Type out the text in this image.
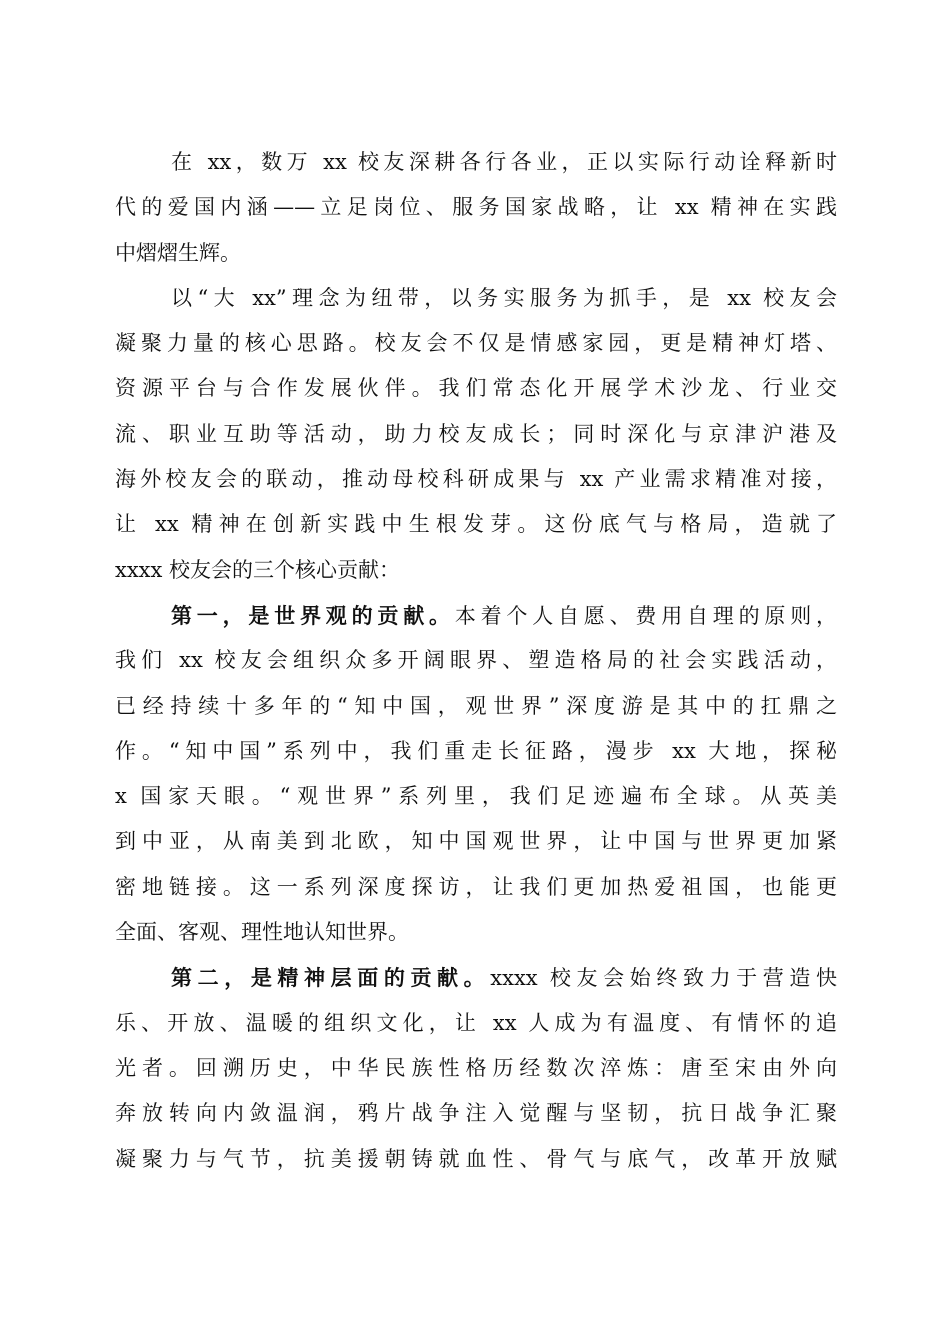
在 xx，数万 xx 校友深耕各行各业，正以实际行动诠释新时
代的爱国内涵——立足岗位、服务国家战略，让 xx 精神在实践
中熠熠生辉。
以“大 xx”理念为纽带，以务实服务为抓手，是 xx 校友会
凝聚力量的核心思路。校友会不仅是情感家园，更是精神灯塔、
资源平台与合作发展伙伴。我们常态化开展学术沙龙、行业交
流、职业互助等活动，助力校友成长；同时深化与京津沪港及
海外校友会的联动，推动母校科研成果与 xx 产业需求精准对接，
让 xx 精神在创新实践中生根发芽。这份底气与格局，造就了
xxxx 校友会的三个核心贡献：
第一，是世界观的贡献。本着个人自愿、费用自理的原则，
我们 xx 校友会组织众多开阔眼界、塑造格局的社会实践活动，
已经持续十多年的“知中国，观世界”深度游是其中的扛鼎之
作。“知中国”系列中，我们重走长征路，漫步 xx 大地，探秘
x 国家天眼。“观世界”系列里，我们足迹遍布全球。从英美
到中亚，从南美到北欧，知中国观世界，让中国与世界更加紧
密地链接。这一系列深度探访，让我们更加热爱祖国，也能更
全面、客观、理性地认知世界。
第二，是精神层面的贡献。xxxx 校友会始终致力于营造快
乐、开放、温暖的组织文化，让 xx 人成为有温度、有情怀的追
光者。回溯历史，中华民族性格历经数次淬炼：唐至宋由外向
奔放转向内敛温润，鸦片战争注入觉醒与坚韧，抗日战争汇聚
凝聚力与气节，抗美援朝铸就血性、骨气与底气，改革开放赋
